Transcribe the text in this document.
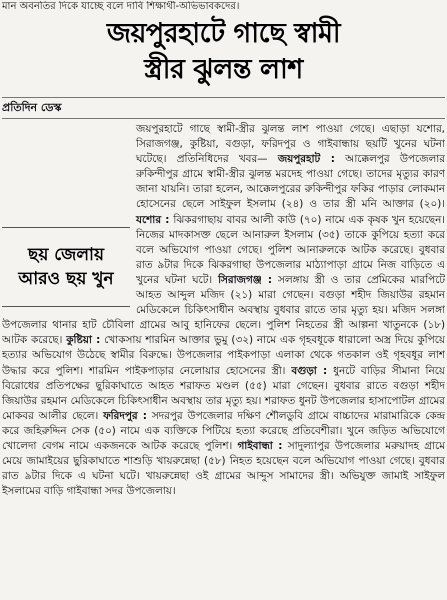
মান অবনতির দিকে যাচ্ছে বলে দাবি শিক্ষার্থী-অভিভাবকদের।
জয়পুরহাটে গাছে স্বামী
স্ত্রীর ঝুলন্ত লাশ
প্রতিদিন ডেস্ক
ছয় জেলায়
আরও ছয় খুন
জয়পুরহাটে গাছে স্বামী-স্ত্রীর ঝুলন্ত লাশ পাওয়া গেছে। এছাড়া যশোর, সিরাজগঞ্জ, কুষ্টিয়া, বগুড়া, ফরিদপুর ও গাইবান্ধায় ছয়টি খুনের ঘটনা ঘটেছে। প্রতিনিধিদের খবর— জয়পুরহাট : আক্কেলপুর উপজেলার রুকিন্দীপুর গ্রামে স্বামী-স্ত্রীর ঝুলন্ত মরদেহ পাওয়া গেছে। তাদের মৃত্যুর কারণ জানা যায়নি। তারা হলেন, আক্কেলপুরের রুকিন্দীপুর ফকির পাড়ার লোকমান হোসেনের ছেলে সাইফুল ইসলাম (২৪) ও তার স্ত্রী মনি আক্তার (২০)। যশোর : ঝিকরগাছায় বাবর আলী কাউ (৭০) নামে এক কৃষক খুন হয়েছেন। নিজের মাদকাসক্ত ছেলে আনারুল ইসলাম (৩৫) তাকে কুপিয়ে হত্যা করে বলে অভিযোগ পাওয়া গেছে। পুলিশ আনারুলকে আটক করেছে। বুধবার রাত ৯টার দিকে ঝিকরগাছা উপজেলার মাঠ্যাপাড়া গ্রামে নিজ বাড়িতে এ খুনের ঘটনা ঘটে। সিরাজগঞ্জ : সলঙ্গায় স্ত্রী ও তার প্রেমিকের মারপিটে আহত আব্দুল মজিদ (২১) মারা গেছেন। বগুড়া শহীদ জিয়াউর রহমান মেডিকেলে চিকিৎসাধীন অবস্থায় বুধবার রাতে তার মৃত্যু হয়। মজিদ সলঙ্গা উপজেলার থানার হাট চৌবিলা গ্রামের আবু হানিফের ছেলে। পুলিশ নিহতের স্ত্রী আল্পনা খাতুনকে (১৮) আটক করেছে। কুষ্টিয়া : খোকসায় শারমিন আক্তার ভুমু (৩২) নামে এক গৃহবধূকে ধারালো অস্ত্র দিয়ে কুপিয়ে হত্যার অভিযোগ উঠেছে স্বামীর বিরুদ্ধে। উপজেলার পাইকপাড়া এলাকা থেকে গতকাল ওই গৃহবধূর লাশ উদ্ধার করে পুলিশ। শারমিন পাইকপাড়ার নেলোয়ার হোসেনের স্ত্রী। বগুড়া : ধুনটে বাড়ির সীমানা নিয়ে বিরোধের প্রতিপক্ষের ছুরিকাঘাতে আহত শরাফত মণ্ডল (৫৫) মারা গেছেন। বুধবার রাতে বগুড়া শহীদ জিয়াউর রহমান মেডিকেলে চিকিৎসাধীন অবস্থায় তার মৃত্যু হয়। শরাফত ধুনট উপজেলার হাসাপোটল গ্রামের মোকবর আলীর ছেলে। ফরিদপুর : সদরপুর উপজেলার দক্ষিণ শৌলডুবি গ্রামে বাচ্চাদের মারামারিকে কেন্দ্র করে জহিরুদ্দিন সেক (৫০) নামে এক ব্যক্তিকে পিটিয়ে হত্যা করেছে প্রতিবেশীরা। খুনে জড়িত অভিযোগে খোলেদা বেগম নামে একজনকে আটক করেছে পুলিশ। গাইবান্ধা : সাদুল্যাপুর উপজেলার মরুয়াদহ গ্রামে মেয়ে জামাইয়ের ছুরিকাঘাতে শাশুড়ি খায়রুন্নেছা (৫৮) নিহত হয়েছেন বলে অভিযোগ পাওয়া গেছে। বুধবার রাত ৯টার দিকে এ ঘটনা ঘটে। খায়রুন্নেছা ওই গ্রামের আব্দুস সামাদের স্ত্রী। অভিযুক্ত জামাই সাইফুল ইসলামের বাড়ি গাইবান্ধা সদর উপজেলায়।
